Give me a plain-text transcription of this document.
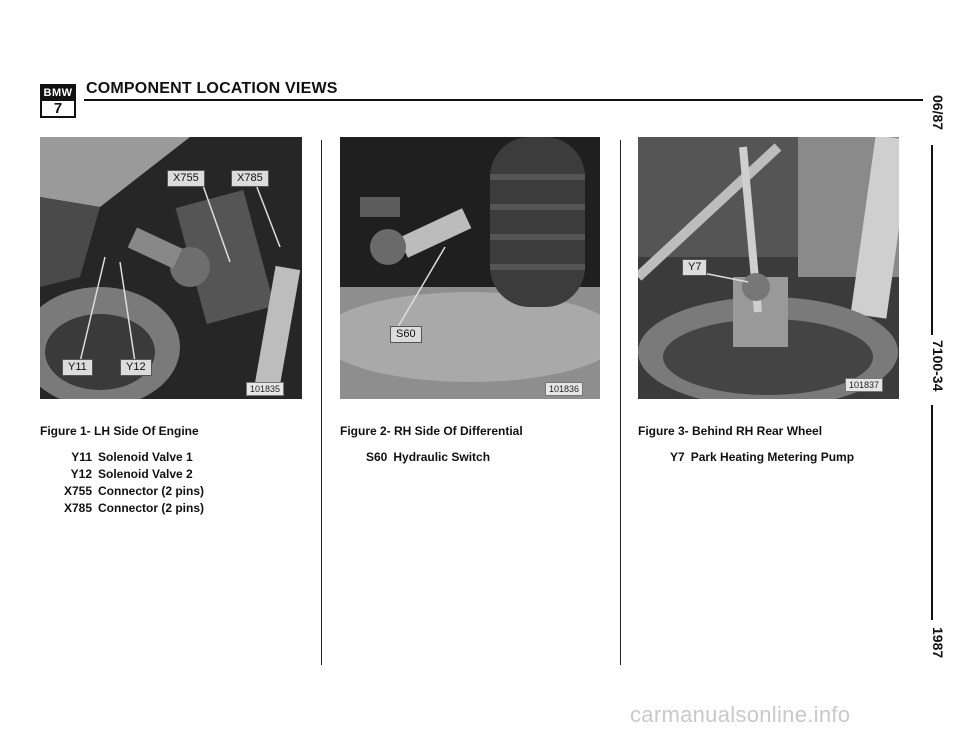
BMW
7
COMPONENT LOCATION VIEWS
X755	X785
Y11	Y12
101835
S60
101836
Y7
101837
Figure 1- LH Side Of Engine	Figure 2- RH Side Of Differential	Figure 3- Behind RH Rear Wheel
Y11 Solenoid Valve 1
Y12 Solenoid Valve 2
X755 Connector (2 pins)
X785 Connector (2 pins)
S60 Hydraulic Switch	Y7 Park Heating Metering Pump
06/87
7100-34
1987
carmanualsonline.info
